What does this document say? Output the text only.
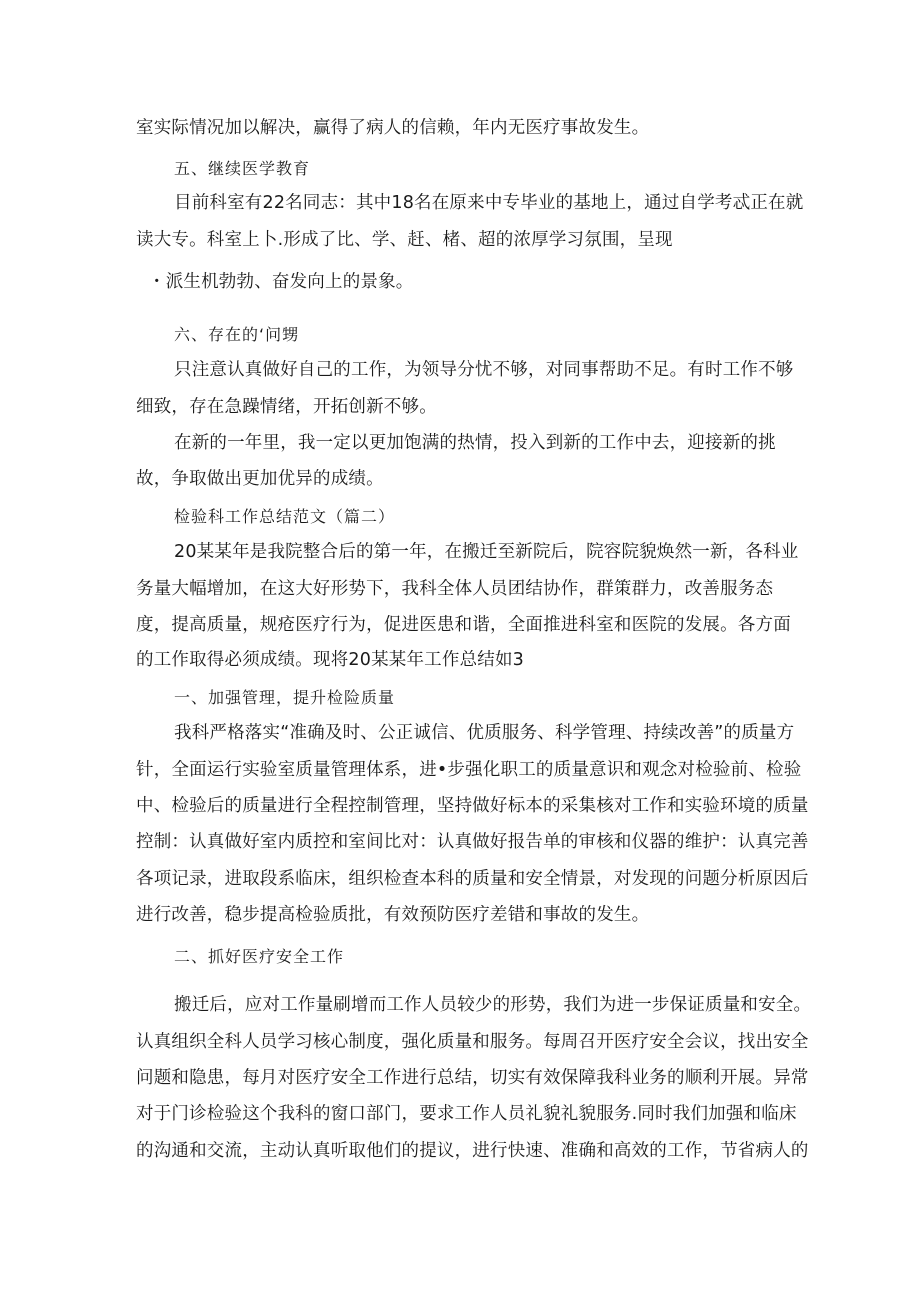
室实际情况加以解决，赢得了病人的信赖，年内无医疗事故发生。
五、继续医学教育
目前科室有22名同志：其中18名在原来中专毕业的基地上，通过自学考忒正在就
读大专。科室上卜.形成了比、学、赶、楮、超的浓厚学习氛围，呈现
・派生机勃勃、奋发向上的景象。
六、存在的‘问甥
只注意认真做好自己的工作，为领导分忧不够，对同事帮助不足。有时工作不够
细致，存在急躁情绪，开拓创新不够。
在新的一年里，我一定以更加饱满的热情，投入到新的工作中去，迎接新的挑
故，争取做出更加优异的成绩。
检验科工作总结范文（篇二）
20某某年是我院整合后的第一年，在搬迁至新院后，院容院貌焕然一新，各科业
务量大幅增加，在这大好形势下，我科全体人员团结协作，群策群力，改善服务态
度，提高质量，规疮医疗行为，促进医患和谐，全面推进科室和医院的发展。各方面
的工作取得必须成绩。现将20某某年工作总结如3
一、加强管理，提升检险质量
我科严格落实“准确及时、公正诚信、优质服务、科学管理、持续改善”的质量方
针，全面运行实验室质量管理体系，进•步强化职工的质量意识和观念对检验前、检验
中、检验后的质量进行全程控制管理，坚持做好标本的采集核对工作和实验环境的质量
控制：认真做好室内质控和室间比对：认真做好报告单的审核和仪器的维护：认真完善
各项记录，进取段系临床，组织检查本科的质量和安全情景，对发现的问题分析原因后
进行改善，稳步提高检验质批，有效预防医疗差错和事故的发生。
二、抓好医疗安全工作
搬迁后，应对工作量刷增而工作人员较少的形势，我们为进一步保证质量和安全。
认真组织全科人员学习核心制度，强化质量和服务。每周召开医疗安全会议，找出安全
问题和隐患，每月对医疗安全工作进行总结，切实有效保障我科业务的顺利开展。异常
对于门诊检验这个我科的窗口部门，要求工作人员礼貌礼貌服务.同时我们加强和临床
的沟通和交流，主动认真听取他们的提议，进行快速、准确和高效的工作，节省病人的
